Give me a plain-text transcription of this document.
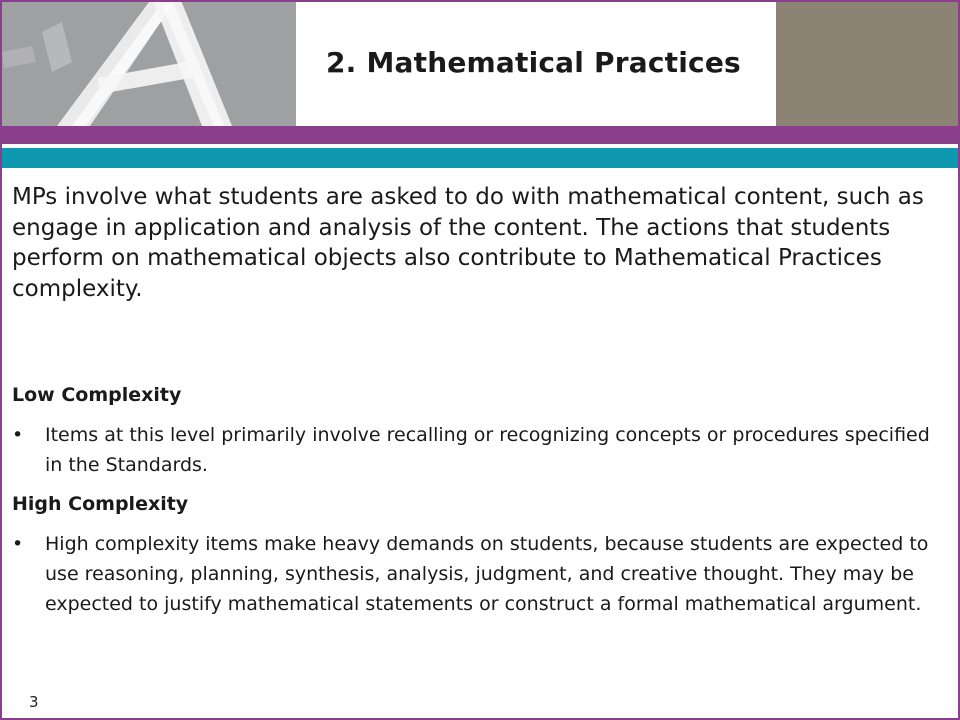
2. Mathematical Practices

MPs involve what students are asked to do with mathematical content, such as engage in application and analysis of the content. The actions that students perform on mathematical objects also contribute to Mathematical Practices complexity.

Low Complexity

• Items at this level primarily involve recalling or recognizing concepts or procedures specified in the Standards.

High Complexity

• High complexity items make heavy demands on students, because students are expected to use reasoning, planning, synthesis, analysis, judgment, and creative thought. They may be expected to justify mathematical statements or construct a formal mathematical argument.
3
